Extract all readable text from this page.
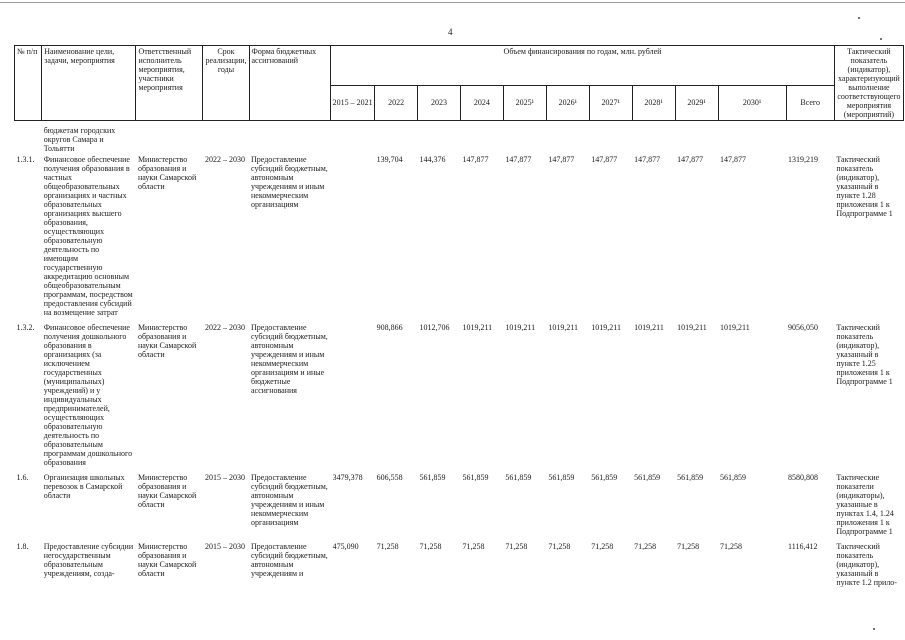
4
№ п/п	Наименование цели, задачи, мероприятия	Ответственный исполнитель мероприятия, участники мероприятия	Срок реализации, годы	Форма бюджетных ассигнований	Объем финансирования по годам, млн. рублей											Тактический показатель (индикатор), характеризующий выполнение соответствующего мероприятия (мероприятий)
					2015 – 2021	2022	2023	2024	2025¹	2026¹	2027¹	2028¹	2029¹	2030¹	Всего	

	бюджетам городских округов Самара и Тольятти															
1.3.1.	Финансовое обеспечение получения образования в частных общеобразовательных организациях и частных образовательных организациях высшего образования, осуществляющих образовательную деятельность по имеющим государственную аккредитацию основным общеобразовательным программам, посредством предоставления субсидий на возмещение затрат	Министерство образования и науки Самарской области	2022 – 2030	Предоставление субсидий бюджетным, автономным учреждениям и иным некоммерческим организациям		139,704	144,376	147,877	147,877	147,877	147,877	147,877	147,877	147,877	1319,219	Тактический показатель (индикатор), указанный в пункте 1.28 приложения 1 к Подпрограмме 1

1.3.2.	Финансовое обеспечение получения дошкольного образования в организациях (за исключением государственных (муниципальных) учреждений) и у индивидуальных предпринимателей, осуществляющих образовательную деятельность по образовательным программам дошкольного образования	Министерство образования и науки Самарской области	2022 – 2030	Предоставление субсидий бюджетным, автономным учреждениям и иным некоммерческим организациям и иные бюджетные ассигнования		908,866	1012,706	1019,211	1019,211	1019,211	1019,211	1019,211	1019,211	1019,211	9056,050	Тактический показатель (индикатор), указанный в пункте 1.25 приложения 1 к Подпрограмме 1

1.6.	Организация школьных перевозок в Самарской области	Министерство образования и науки Самарской области	2015 – 2030	Предоставление субсидий бюджетным, автономным учреждениям и иным некоммерческим организациям	3479,378	606,558	561,859	561,859	561,859	561,859	561,859	561,859	561,859	561,859	8580,808	Тактические показатели (индикаторы), указанные в пунктах 1.4, 1.24 приложения 1 к Подпрограмме 1

1.8.	Предоставление субсидии негосударственным образовательным учреждениям, созда-	Министерство образования и науки Самарской области	2015 – 2030	Предоставление субсидий бюджетным, автономным учреждениям и	475,090	71,258	71,258	71,258	71,258	71,258	71,258	71,258	71,258	71,258	1116,412	Тактический показатель (индикатор), указанный в пункте 1.2 прило-
